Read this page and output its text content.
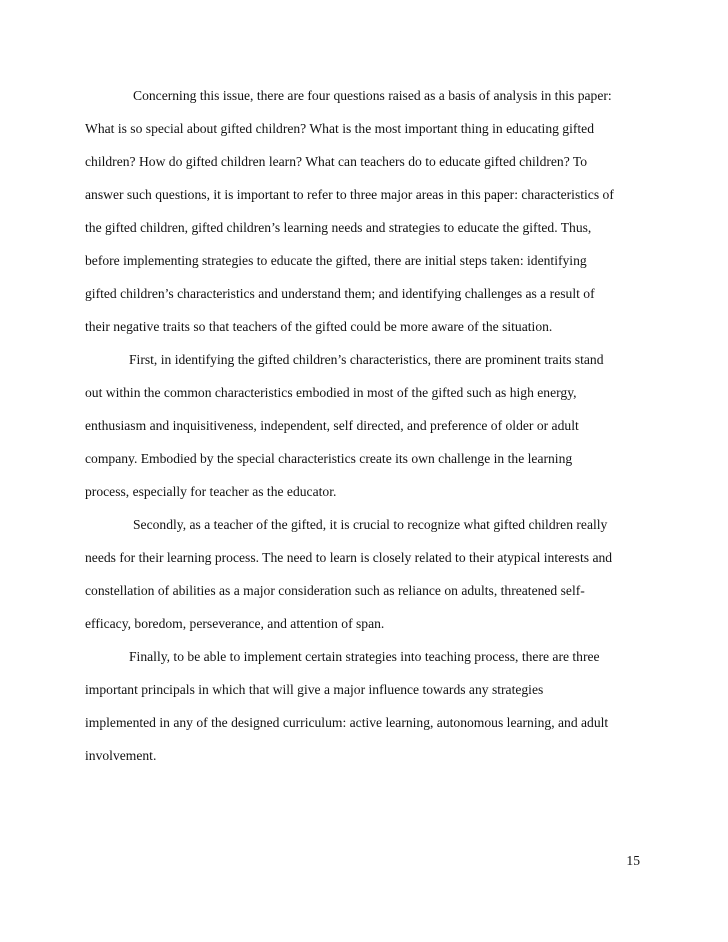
Concerning this issue, there are four questions raised as a basis of analysis in this paper:
What is so special about gifted children? What is the most important thing in educating gifted
children? How do gifted children learn? What can teachers do to educate gifted children? To
answer such questions, it is important to refer to three major areas in this paper: characteristics of
the gifted children, gifted children’s learning needs and strategies to educate the gifted. Thus,
before implementing strategies to educate the gifted, there are initial steps taken: identifying
gifted children’s characteristics and understand them; and identifying challenges as a result of
their negative traits so that teachers of the gifted could be more aware of the situation.
First, in identifying the gifted children’s characteristics, there are prominent traits stand
out within the common characteristics embodied in most of the gifted such as high energy,
enthusiasm and inquisitiveness, independent, self directed, and preference of older or adult
company. Embodied by the special characteristics create its own challenge in the learning
process, especially for teacher as the educator.
Secondly, as a teacher of the gifted, it is crucial to recognize what gifted children really
needs for their learning process. The need to learn is closely related to their atypical interests and
constellation of abilities as a major consideration such as reliance on adults, threatened self-
efficacy, boredom, perseverance, and attention of span.
Finally, to be able to implement certain strategies into teaching process, there are three
important principals in which that will give a major influence towards any strategies
implemented in any of the designed curriculum: active learning, autonomous learning, and adult
involvement.
15
